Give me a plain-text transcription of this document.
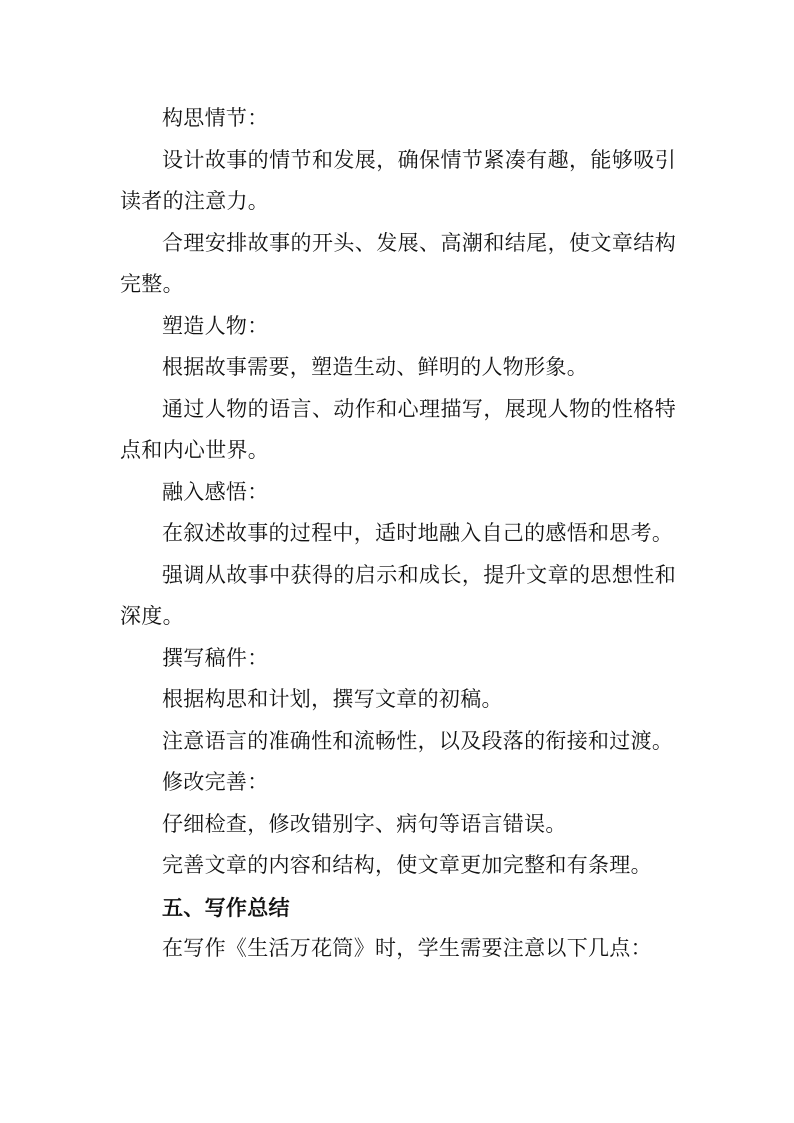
构思情节：

设计故事的情节和发展，确保情节紧凑有趣，能够吸引读者的注意力。

合理安排故事的开头、发展、高潮和结尾，使文章结构完整。

塑造人物：

根据故事需要，塑造生动、鲜明的人物形象。

通过人物的语言、动作和心理描写，展现人物的性格特点和内心世界。

融入感悟：

在叙述故事的过程中，适时地融入自己的感悟和思考。

强调从故事中获得的启示和成长，提升文章的思想性和深度。

撰写稿件：

根据构思和计划，撰写文章的初稿。

注意语言的准确性和流畅性，以及段落的衔接和过渡。

修改完善：

仔细检查，修改错别字、病句等语言错误。

完善文章的内容和结构，使文章更加完整和有条理。

五、写作总结

在写作《生活万花筒》时，学生需要注意以下几点：
